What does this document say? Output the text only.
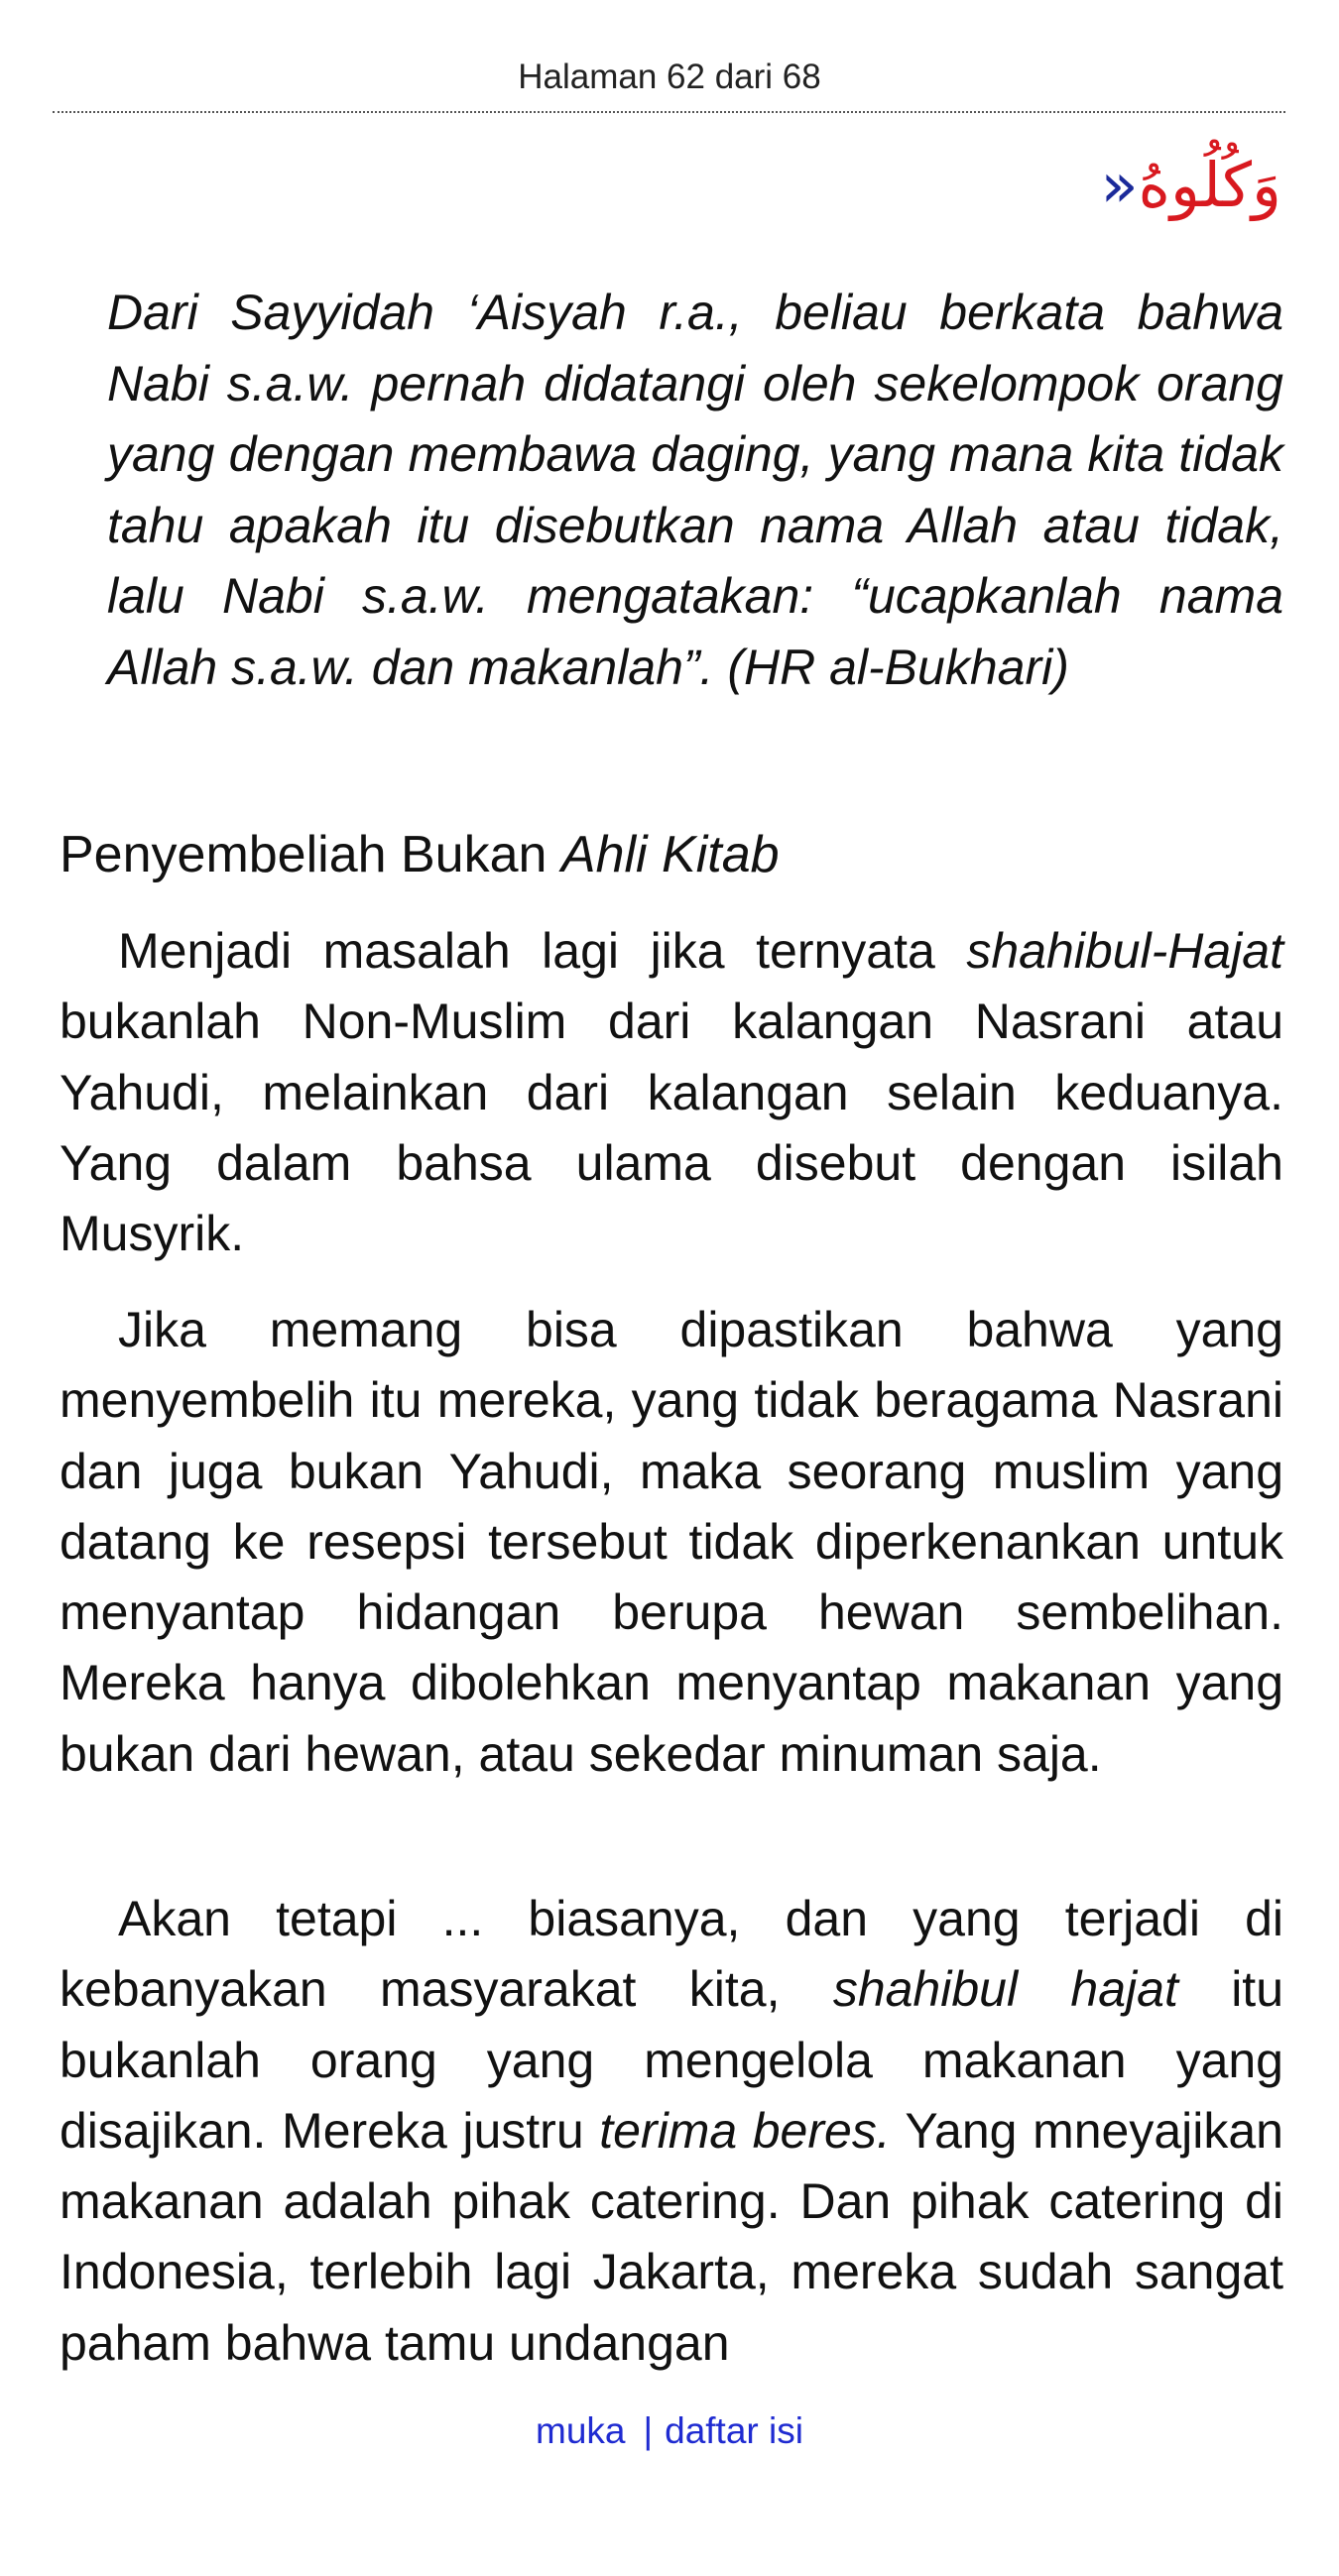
Halaman 62 dari 68
وَكُلُوهُ«

Dari Sayyidah ‘Aisyah r.a., beliau berkata bahwa Nabi s.a.w. pernah didatangi oleh sekelompok orang yang dengan membawa daging, yang mana kita tidak tahu apakah itu disebutkan nama Allah atau tidak, lalu Nabi s.a.w. mengatakan: “ucapkanlah nama Allah s.a.w. dan makanlah”. (HR al-Bukhari)

Penyembeliah Bukan Ahli Kitab

Menjadi masalah lagi jika ternyata shahibul-Hajat bukanlah Non-Muslim dari kalangan Nasrani atau Yahudi, melainkan dari kalangan selain keduanya. Yang dalam bahsa ulama disebut dengan isilah Musyrik.

Jika memang bisa dipastikan bahwa yang menyembelih itu mereka, yang tidak beragama Nasrani dan juga bukan Yahudi, maka seorang muslim yang datang ke resepsi tersebut tidak diperkenankan untuk menyantap hidangan berupa hewan sembelihan. Mereka hanya dibolehkan menyantap makanan yang bukan dari hewan, atau sekedar minuman saja.

Akan tetapi ... biasanya, dan yang terjadi di kebanyakan masyarakat kita, shahibul hajat itu bukanlah orang yang mengelola makanan yang disajikan. Mereka justru terima beres. Yang mneyajikan makanan adalah pihak catering. Dan pihak catering di Indonesia, terlebih lagi Jakarta, mereka sudah sangat paham bahwa tamu undangan

muka | daftar isi
